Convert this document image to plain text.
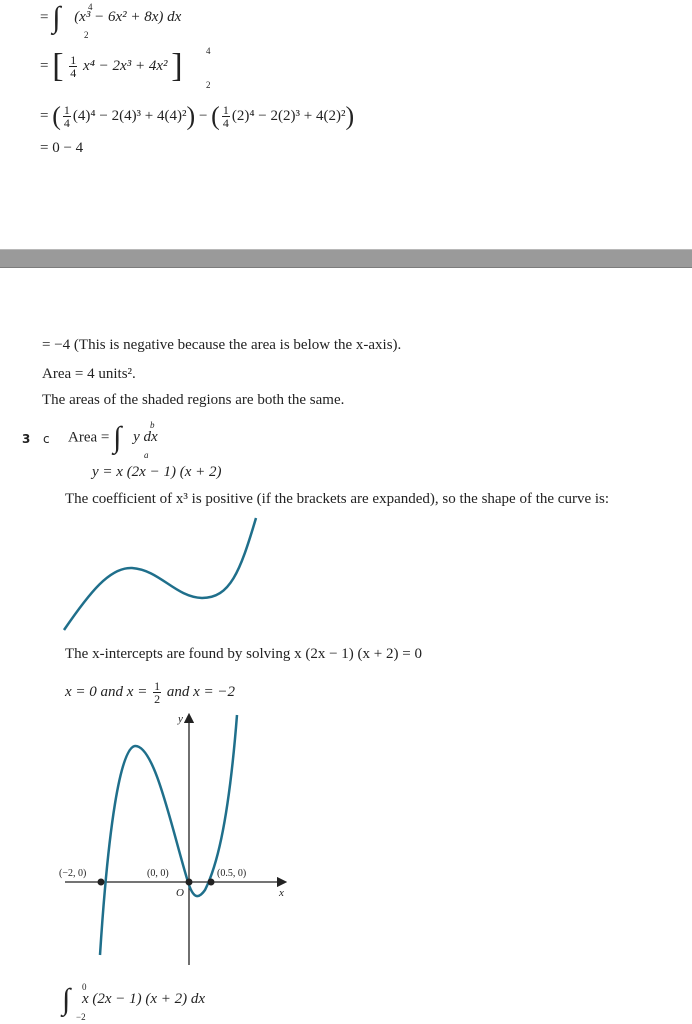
= ∫	4
2
(x³ − 6x² + 8x) dx
= [ $\frac{1}{4} x^4 - 2x^3 + 4x^2$ ]	4
2
= ( $\frac{1}{4} (4)^4 - 2(4)^3 + 4(4)^2$) − ( $\frac{1}{4} (2)^4 - 2(2)^3 + 4(2)^2$)
= 0 − 4
= −4 (This is negative because the area is below the x-axis).
Area = 4 units².
The areas of the shaded regions are both the same.
3 c Area = ∫	b
a
y dx
y = x (2x − 1) (x + 2)
The coefficient of x³ is positive (if the brackets are expanded), so the shape of the curve is:
The x-intercepts are found by solving x (2x − 1) (x + 2) = 0
x = 0 and $x = \frac{1}{2}$ and x = −2
y
x
O
(−2, 0)	(0, 0)	(0.5, 0)
∫ 0
−2
x (2x − 1) (x + 2) dx
